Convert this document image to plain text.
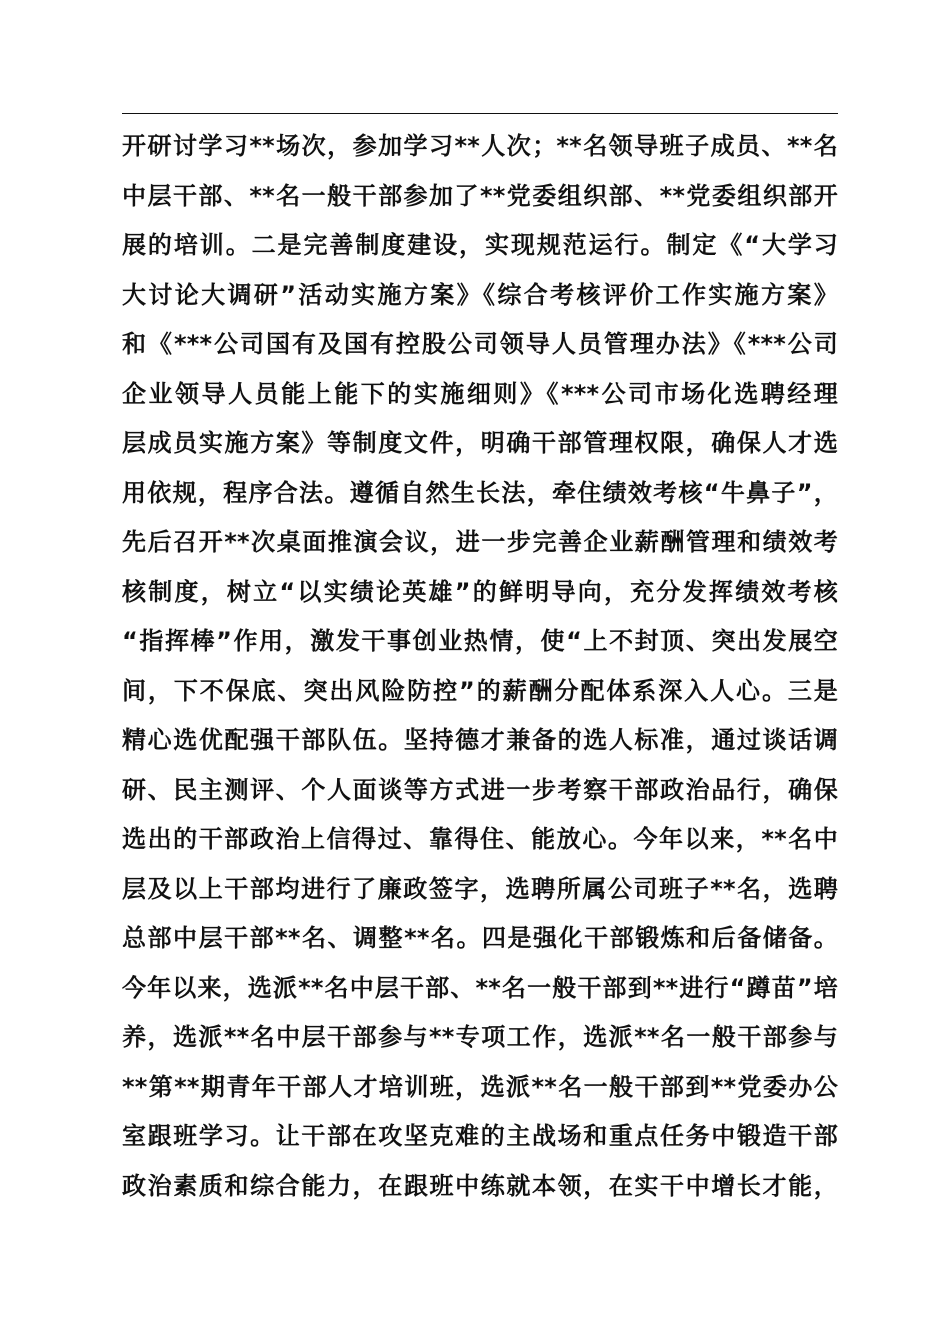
开研讨学习**场次，参加学习**人次；**名领导班子成员、**名
中层干部、**名一般干部参加了**党委组织部、**党委组织部开
展的培训。二是完善制度建设，实现规范运行。制定《“大学习
大讨论大调研”活动实施方案》《综合考核评价工作实施方案》
和《***公司国有及国有控股公司领导人员管理办法》《***公司
企业领导人员能上能下的实施细则》《***公司市场化选聘经理
层成员实施方案》等制度文件，明确干部管理权限，确保人才选
用依规，程序合法。遵循自然生长法，牵住绩效考核“牛鼻子”，
先后召开**次桌面推演会议，进一步完善企业薪酬管理和绩效考
核制度，树立“以实绩论英雄”的鲜明导向，充分发挥绩效考核
“指挥棒”作用，激发干事创业热情，使“上不封顶、突出发展空
间，下不保底、突出风险防控”的薪酬分配体系深入人心。三是
精心选优配强干部队伍。坚持德才兼备的选人标准，通过谈话调
研、民主测评、个人面谈等方式进一步考察干部政治品行，确保
选出的干部政治上信得过、靠得住、能放心。今年以来，**名中
层及以上干部均进行了廉政签字，选聘所属公司班子**名，选聘
总部中层干部**名、调整**名。四是强化干部锻炼和后备储备。
今年以来，选派**名中层干部、**名一般干部到**进行“蹲苗”培
养，选派**名中层干部参与**专项工作，选派**名一般干部参与
**第**期青年干部人才培训班，选派**名一般干部到**党委办公
室跟班学习。让干部在攻坚克难的主战场和重点任务中锻造干部
政治素质和综合能力，在跟班中练就本领，在实干中增长才能，
